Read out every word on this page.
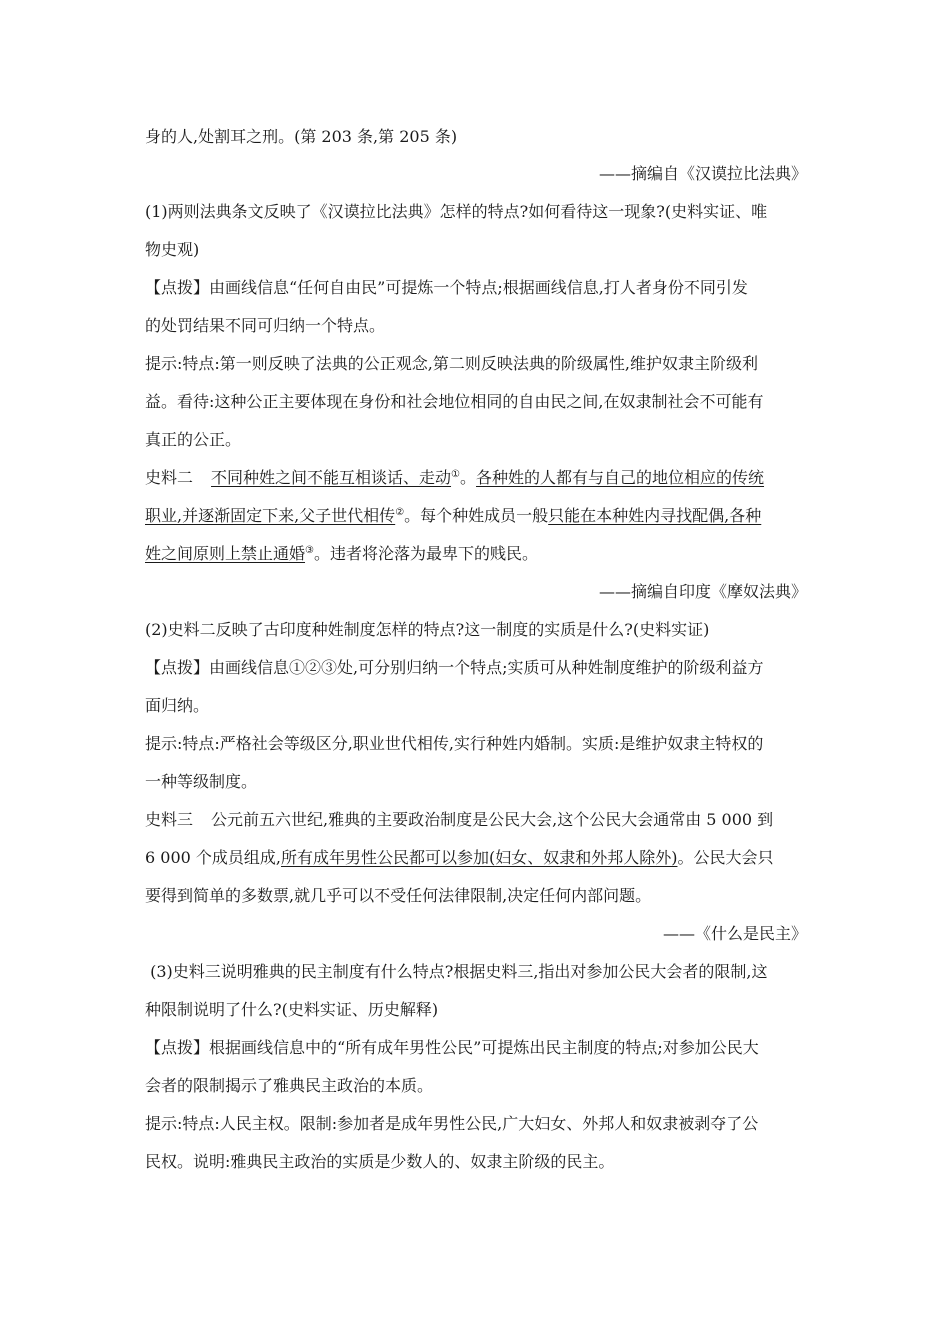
身的人,处割耳之刑。(第 203 条,第 205 条)
——摘编自《汉谟拉比法典》
(1)两则法典条文反映了《汉谟拉比法典》怎样的特点?如何看待这一现象?(史料实证、唯
物史观)
【点拨】由画线信息“任何自由民”可提炼一个特点;根据画线信息,打人者身份不同引发
的处罚结果不同可归纳一个特点。
提示:特点:第一则反映了法典的公正观念,第二则反映法典的阶级属性,维护奴隶主阶级利
益。看待:这种公正主要体现在身份和社会地位相同的自由民之间,在奴隶制社会不可能有
真正的公正。
史料二 不同种姓之间不能互相谈话、走动①。各种姓的人都有与自己的地位相应的传统
职业,并逐渐固定下来,父子世代相传②。每个种姓成员一般只能在本种姓内寻找配偶,各种
姓之间原则上禁止通婚③。违者将沦落为最卑下的贱民。
——摘编自印度《摩奴法典》
(2)史料二反映了古印度种姓制度怎样的特点?这一制度的实质是什么?(史料实证)
【点拨】由画线信息①②③处,可分别归纳一个特点;实质可从种姓制度维护的阶级利益方
面归纳。
提示:特点:严格社会等级区分,职业世代相传,实行种姓内婚制。实质:是维护奴隶主特权的
一种等级制度。
史料三 公元前五六世纪,雅典的主要政治制度是公民大会,这个公民大会通常由 5 000 到
6 000 个成员组成,所有成年男性公民都可以参加(妇女、奴隶和外邦人除外)。公民大会只
要得到简单的多数票,就几乎可以不受任何法律限制,决定任何内部问题。
——《什么是民主》
(3)史料三说明雅典的民主制度有什么特点?根据史料三,指出对参加公民大会者的限制,这
种限制说明了什么?(史料实证、历史解释)
【点拨】根据画线信息中的“所有成年男性公民”可提炼出民主制度的特点;对参加公民大
会者的限制揭示了雅典民主政治的本质。
提示:特点:人民主权。限制:参加者是成年男性公民,广大妇女、外邦人和奴隶被剥夺了公
民权。说明:雅典民主政治的实质是少数人的、奴隶主阶级的民主。
